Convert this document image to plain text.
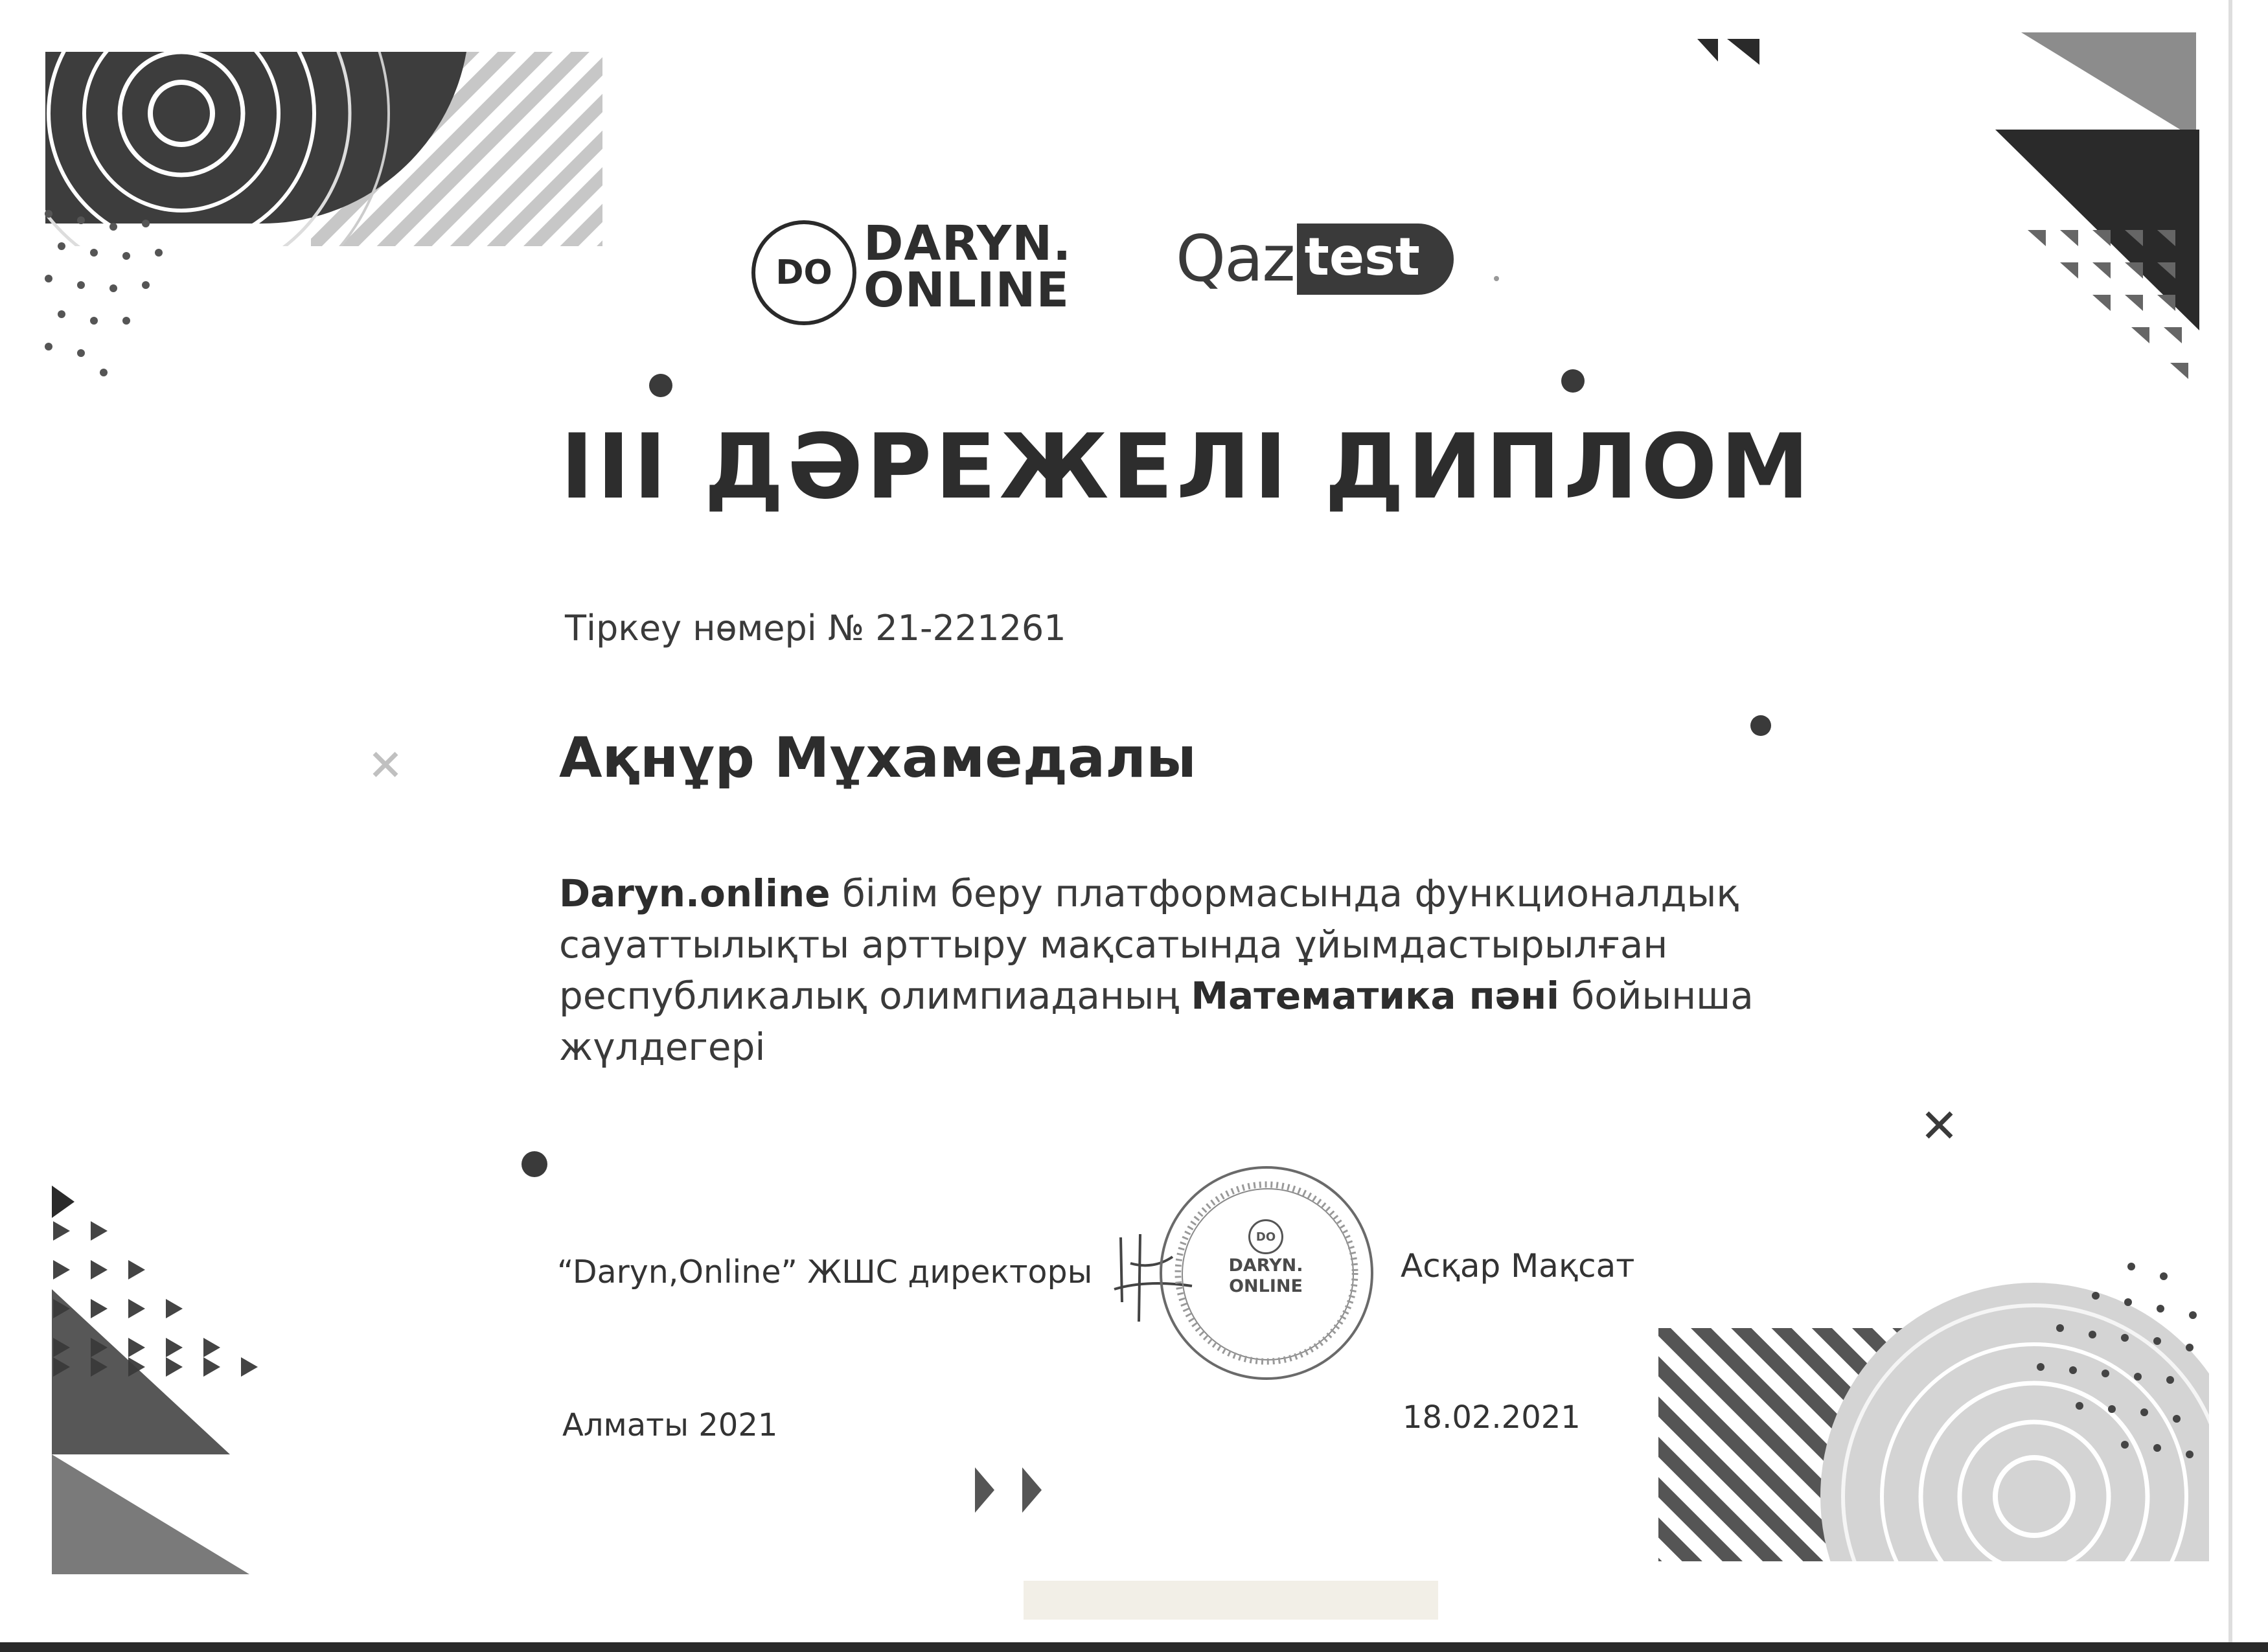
DO
DARYN.
ONLINE Qaz test
III ДӘРЕЖЕЛІ ДИПЛОМ
Тіркеу нөмері № 21-221261
Ақнұр Мұхамедалы
Daryn.online білім беру платформасында функционалдық сауаттылықты арттыру мақсатында ұйымдастырылған республикалық олимпиаданың Математика пәні бойынша жүлдегері
“Daryn,Online” ЖШС директоры
DO
DARYN.
ONLINE
Асқар Мақсат
Алматы 2021	18.02.2021
